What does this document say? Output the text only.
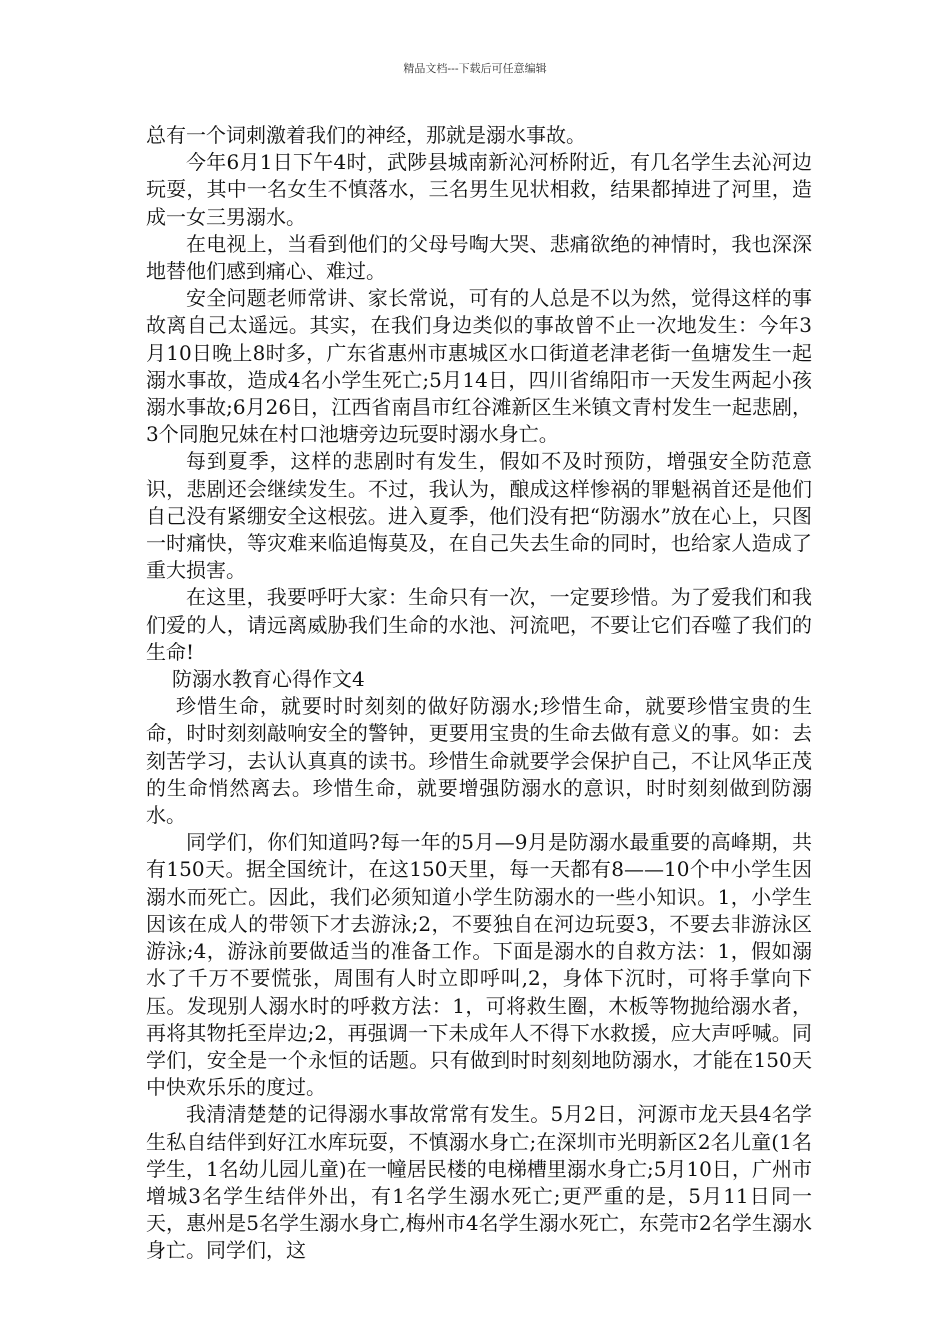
精品文档---下载后可任意编辑

总有一个词刺激着我们的神经，那就是溺水事故。

今年6月1日下午4时，武陟县城南新沁河桥附近，有几名学生去沁河边玩耍，其中一名女生不慎落水，三名男生见状相救，结果都掉进了河里，造成一女三男溺水。

在电视上，当看到他们的父母号啕大哭、悲痛欲绝的神情时，我也深深地替他们感到痛心、难过。

安全问题老师常讲、家长常说，可有的人总是不以为然，觉得这样的事故离自己太遥远。其实，在我们身边类似的事故曾不止一次地发生：今年3月10日晚上8时多，广东省惠州市惠城区水口街道老津老街一鱼塘发生一起溺水事故，造成4名小学生死亡;5月14日，四川省绵阳市一天发生两起小孩溺水事故;6月26日，江西省南昌市红谷滩新区生米镇文青村发生一起悲剧，3个同胞兄妹在村口池塘旁边玩耍时溺水身亡。

每到夏季，这样的悲剧时有发生，假如不及时预防，增强安全防范意识，悲剧还会继续发生。不过，我认为，酿成这样惨祸的罪魁祸首还是他们自己没有紧绷安全这根弦。进入夏季，他们没有把“防溺水”放在心上，只图一时痛快，等灾难来临追悔莫及，在自己失去生命的同时，也给家人造成了重大损害。

在这里，我要呼吁大家：生命只有一次，一定要珍惜。为了爱我们和我们爱的人，请远离威胁我们生命的水池、河流吧，不要让它们吞噬了我们的生命!

防溺水教育心得作文4

珍惜生命，就要时时刻刻的做好防溺水;珍惜生命，就要珍惜宝贵的生命，时时刻刻敲响安全的警钟，更要用宝贵的生命去做有意义的事。如：去刻苦学习，去认认真真的读书。珍惜生命就要学会保护自己，不让风华正茂的生命悄然离去。珍惜生命，就要增强防溺水的意识，时时刻刻做到防溺水。

同学们，你们知道吗?每一年的5月—9月是防溺水最重要的高峰期，共有150天。据全国统计，在这150天里，每一天都有8——10个中小学生因溺水而死亡。因此，我们必须知道小学生防溺水的一些小知识。1，小学生因该在成人的带领下才去游泳;2，不要独自在河边玩耍3，不要去非游泳区游泳;4，游泳前要做适当的准备工作。下面是溺水的自救方法：1，假如溺水了千万不要慌张，周围有人时立即呼叫,2，身体下沉时，可将手掌向下压。发现别人溺水时的呼救方法：1，可将救生圈，木板等物抛给溺水者，再将其物托至岸边;2，再强调一下未成年人不得下水救援，应大声呼喊。同学们，安全是一个永恒的话题。只有做到时时刻刻地防溺水，才能在150天中快欢乐乐的度过。

我清清楚楚的记得溺水事故常常有发生。5月2日，河源市龙天县4名学生私自结伴到好江水库玩耍，不慎溺水身亡;在深圳市光明新区2名儿童(1名学生，1名幼儿园儿童)在一幢居民楼的电梯槽里溺水身亡;5月10日，广州市增城3名学生结伴外出，有1名学生溺水死亡;更严重的是，5月11日同一天，惠州是5名学生溺水身亡,梅州市4名学生溺水死亡，东莞市2名学生溺水身亡。同学们，这
